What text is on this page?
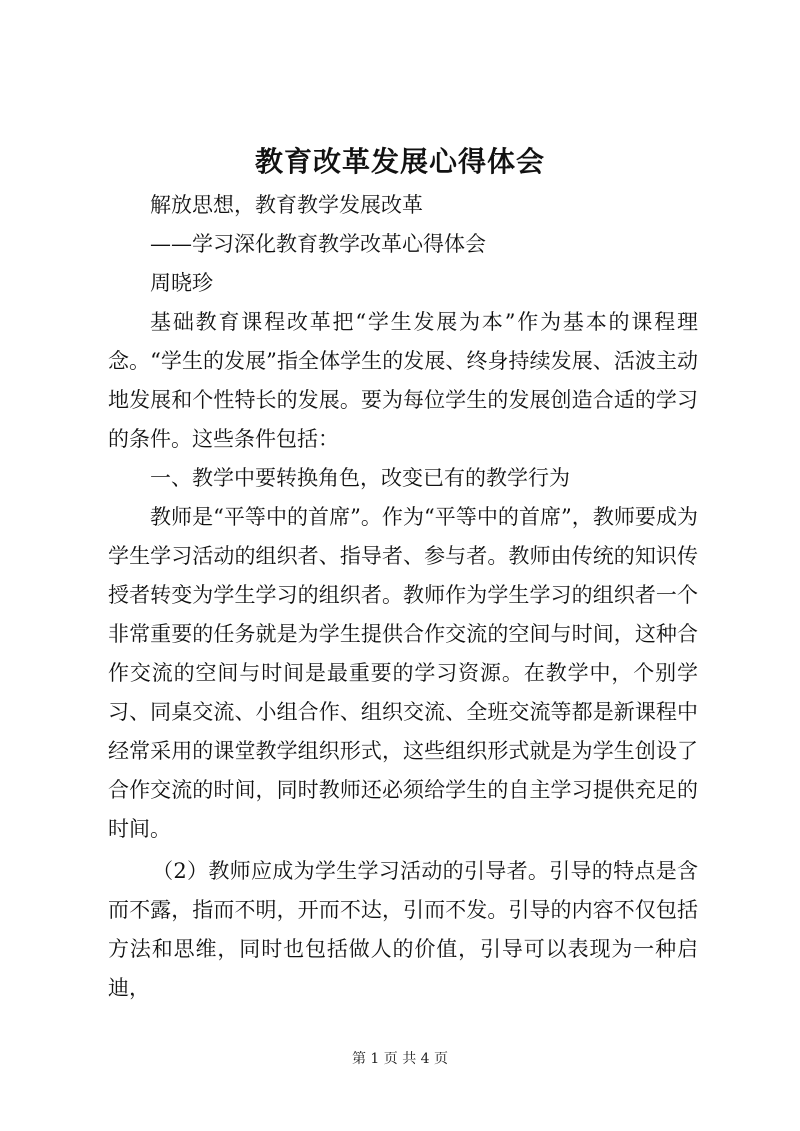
教育改革发展心得体会

解放思想，教育教学发展改革

——学习深化教育教学改革心得体会

周晓珍

基础教育课程改革把“学生发展为本”作为基本的课程理念。“学生的发展”指全体学生的发展、终身持续发展、活波主动地发展和个性特长的发展。要为每位学生的发展创造合适的学习的条件。这些条件包括：

一、教学中要转换角色，改变已有的教学行为

教师是“平等中的首席”。作为“平等中的首席”，教师要成为学生学习活动的组织者、指导者、参与者。教师由传统的知识传授者转变为学生学习的组织者。教师作为学生学习的组织者一个非常重要的任务就是为学生提供合作交流的空间与时间，这种合作交流的空间与时间是最重要的学习资源。在教学中，个别学习、同桌交流、小组合作、组织交流、全班交流等都是新课程中经常采用的课堂教学组织形式，这些组织形式就是为学生创设了合作交流的时间，同时教师还必须给学生的自主学习提供充足的时间。

（2）教师应成为学生学习活动的引导者。引导的特点是含而不露，指而不明，开而不达，引而不发。引导的内容不仅包括方法和思维，同时也包括做人的价值，引导可以表现为一种启迪，

第 1 页 共 4 页
